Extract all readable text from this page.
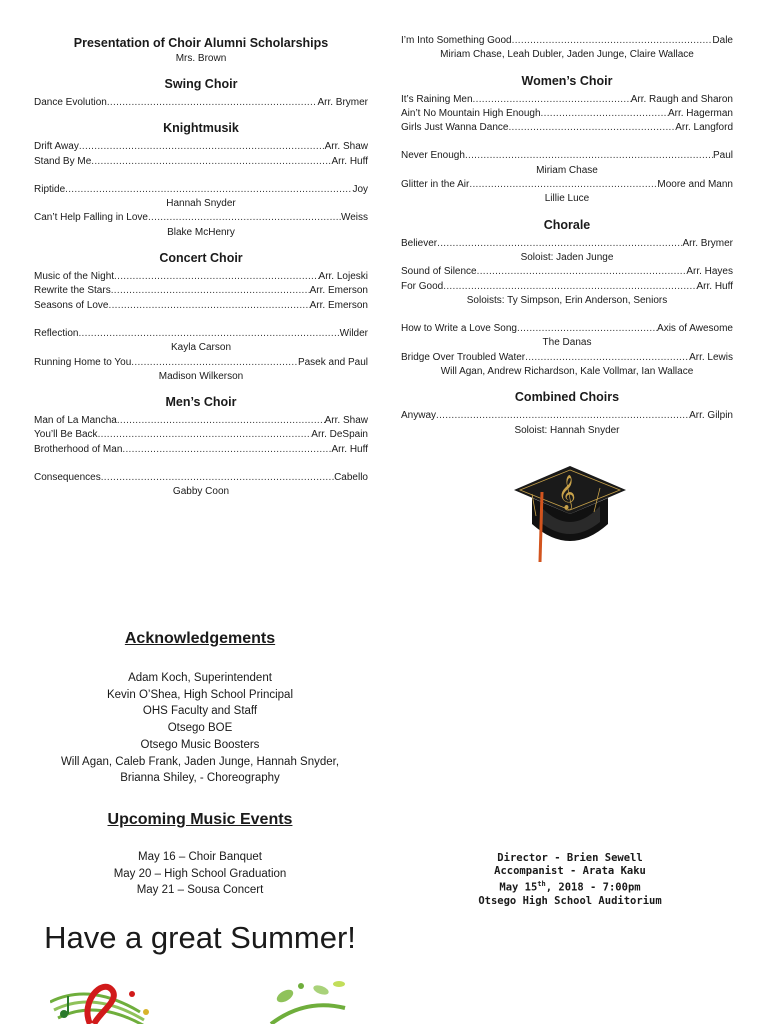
Presentation of Choir Alumni Scholarships
Mrs. Brown
Swing Choir
Dance Evolution .....	Arr. Brymer
Knightmusik
Drift Away .....	Arr. Shaw
Stand By Me .....	Arr. Huff
Riptide .....	Joy
Hannah Snyder
Can’t Help Falling in Love .....	Weiss
Blake McHenry
Concert Choir
Music of the Night .....	Arr. Lojeski
Rewrite the Stars .....	Arr. Emerson
Seasons of Love .....	Arr. Emerson
Reflection .....	Wilder
Kayla Carson
Running Home to You .....	Pasek and Paul
Madison Wilkerson
Men’s Choir
Man of La Mancha .....	Arr. Shaw
You’ll Be Back .....	Arr. DeSpain
Brotherhood of Man .....	Arr. Huff
Consequences .....	Cabello
Gabby Coon
I’m Into Something Good .....	Dale
Miriam Chase, Leah Dubler, Jaden Junge, Claire Wallace
Women’s Choir
It’s Raining Men .....	Arr. Raugh and Sharon
Ain’t No Mountain High Enough .....	Arr. Hagerman
Girls Just Wanna Dance .....	Arr. Langford
Never Enough .....	Paul
Miriam Chase
Glitter in the Air .....	Moore and Mann
Lillie Luce
Chorale
Believer .....	Arr. Brymer
Soloist: Jaden Junge
Sound of Silence .....	Arr. Hayes
For Good .....	Arr. Huff
Soloists: Ty Simpson, Erin Anderson, Seniors
How to Write a Love Song .....	Axis of Awesome
The Danas
Bridge Over Troubled Water .....	Arr. Lewis
Will Agan, Andrew Richardson, Kale Vollmar, Ian Wallace
Combined Choirs
Anyway .....	Arr. Gilpin
Soloist: Hannah Snyder
𝄞
Acknowledgements
Adam Koch, Superintendent
Kevin O’Shea, High School Principal
OHS Faculty and Staff
Otsego BOE
Otsego Music Boosters
Will Agan, Caleb Frank, Jaden Junge, Hannah Snyder,
Brianna Shiley, - Choreography
Upcoming Music Events
May 16 – Choir Banquet
May 20 – High School Graduation
May 21 – Sousa Concert
Have a great Summer!
Director - Brien Sewell
Accompanist - Arata Kaku
May 15th, 2018 - 7:00pm
Otsego High School Auditorium
